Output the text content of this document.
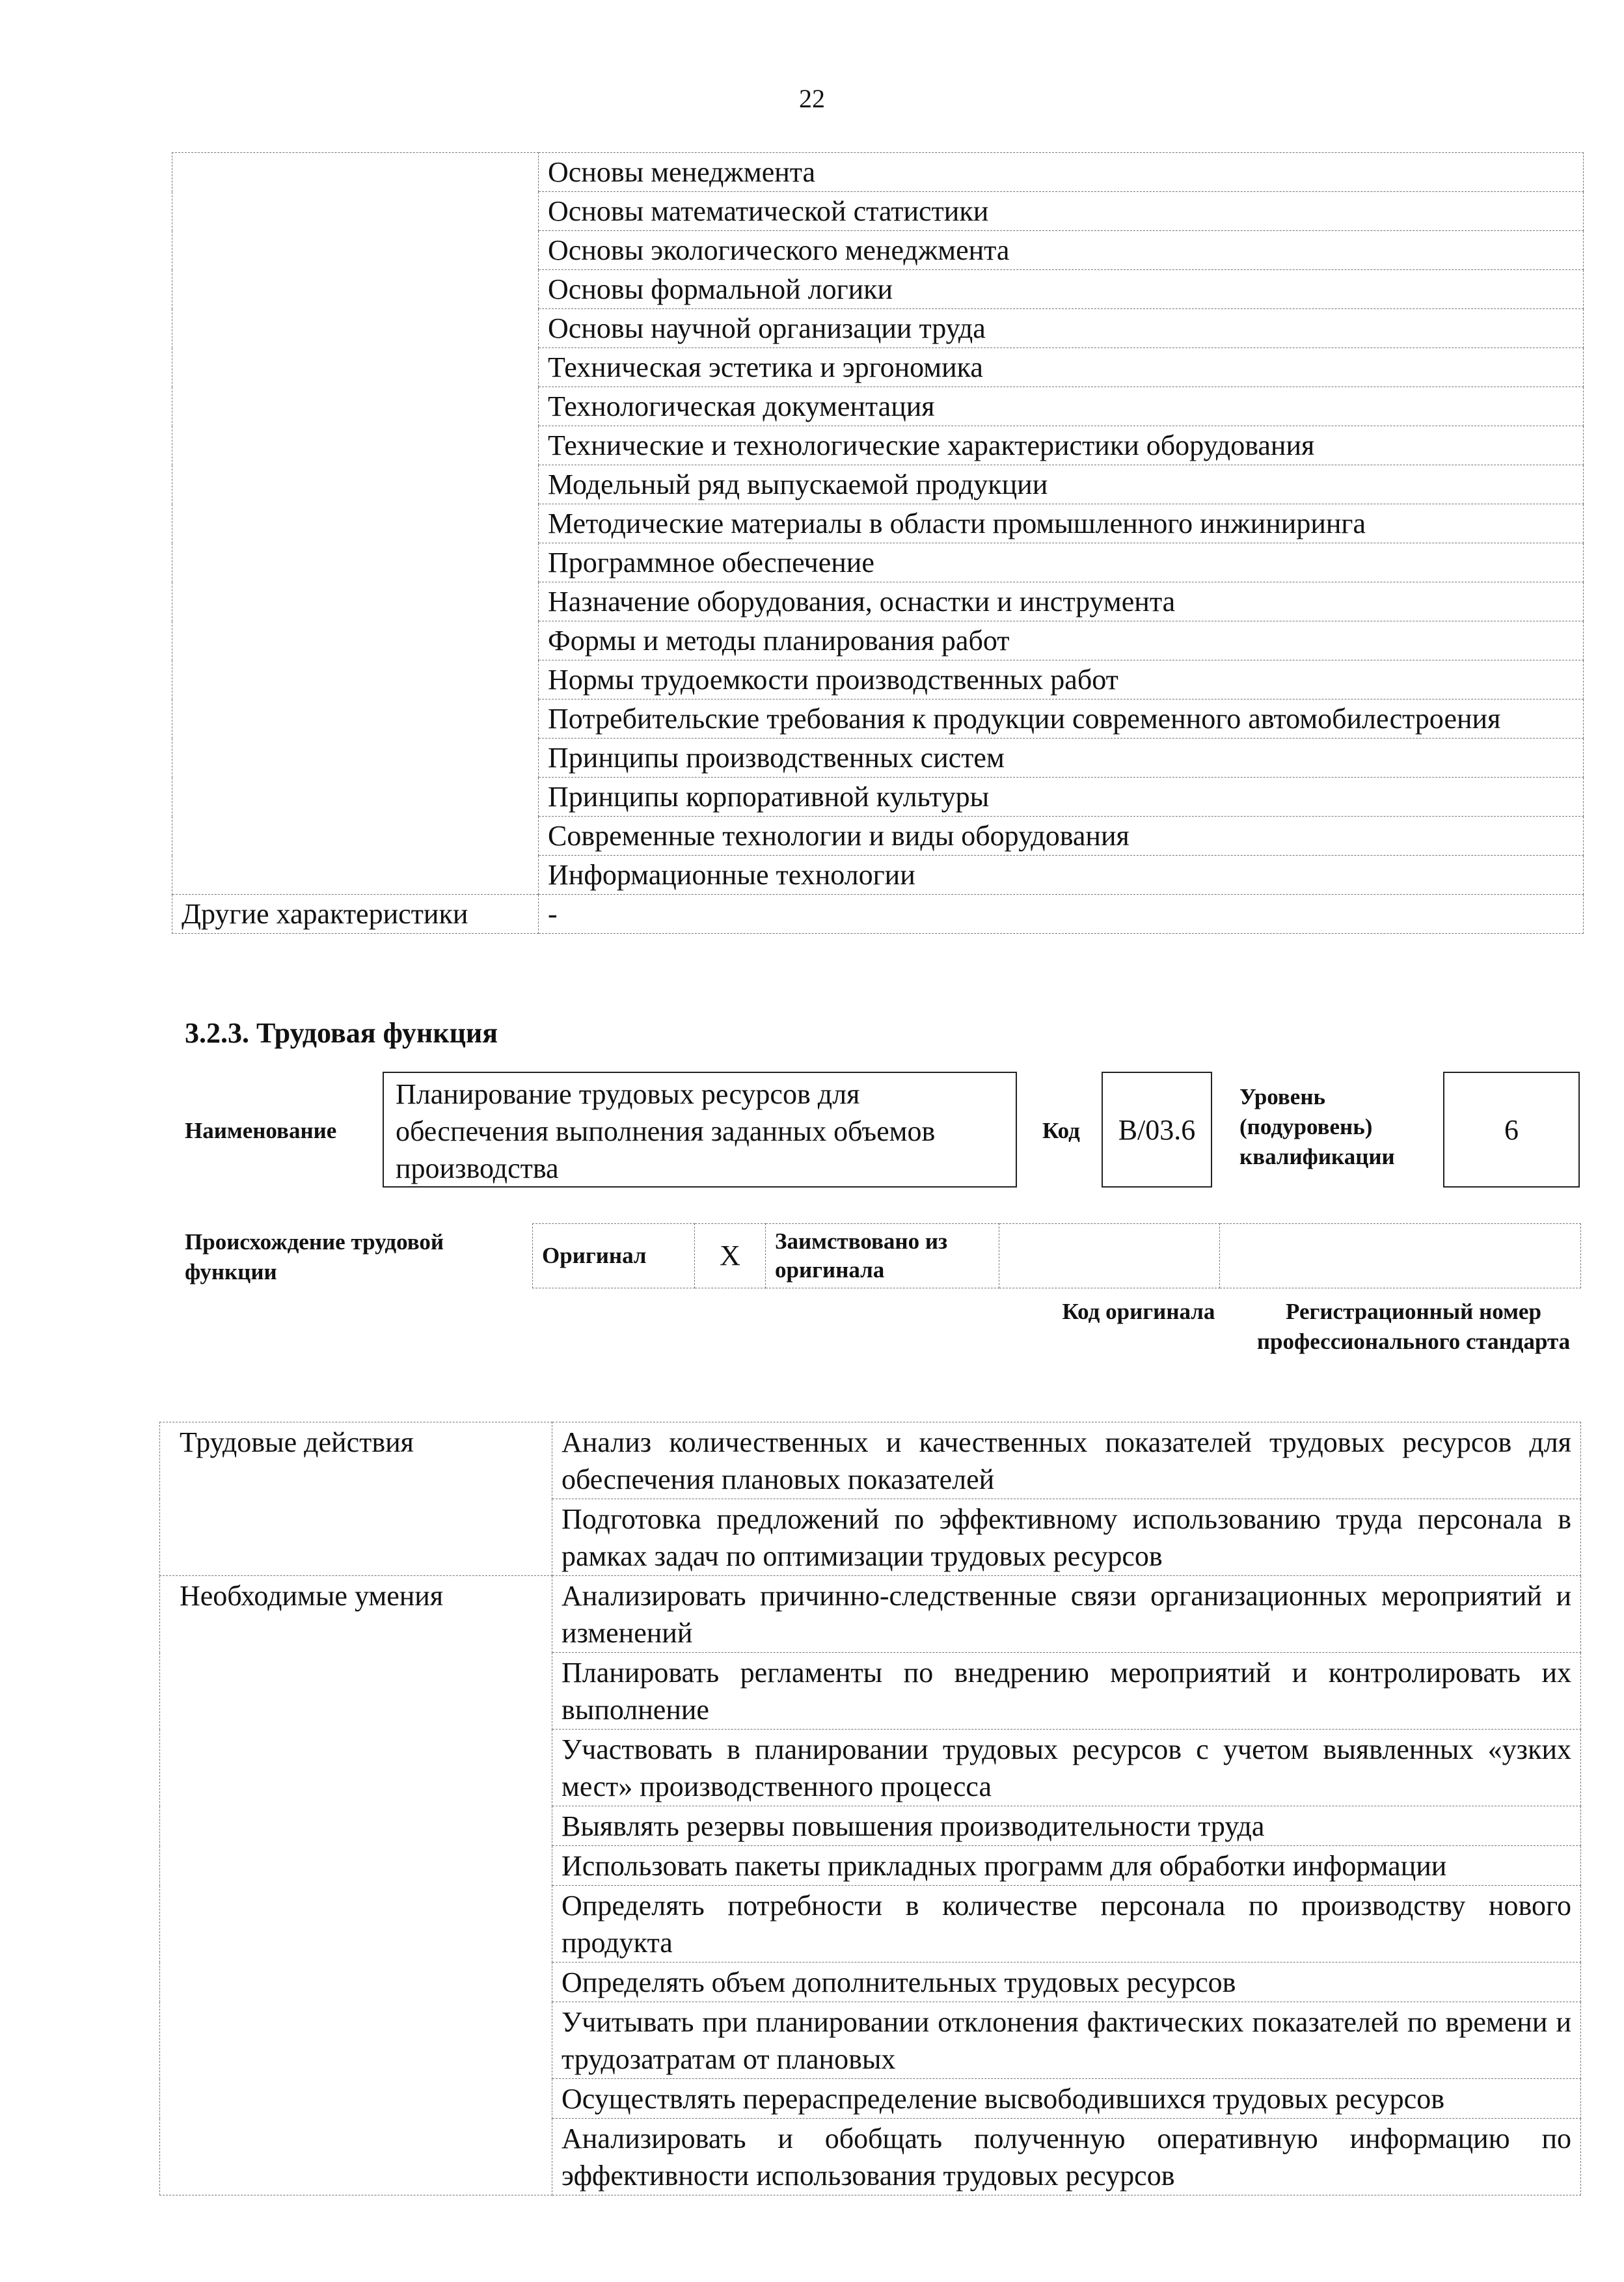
22
	Основы менеджмента
	Основы математической статистики
	Основы экологического менеджмента
	Основы формальной логики
	Основы научной организации труда
	Техническая эстетика и эргономика
	Технологическая документация
	Технические и технологические характеристики оборудования
	Модельный ряд выпускаемой продукции
	Методические материалы в области промышленного инжиниринга
	Программное обеспечение
	Назначение оборудования, оснастки и инструмента
	Формы и методы планирования работ
	Нормы трудоемкости производственных работ
	Потребительские требования к продукции современного автомобилестроения
	Принципы производственных систем
	Принципы корпоративной культуры
	Современные технологии и виды оборудования
	Информационные технологии
Другие характеристики	-
3.2.3. Трудовая функция
Наименование
Планирование трудовых ресурсов для обеспечения выполнения заданных объемов производства
Код	B/03.6
Уровень (подуровень) квалификации
6
Происхождение трудовой функции
Оригинал	X	Заимствовано из оригинала		
Код оригинала	Регистрационный номер профессионального стандарта
Трудовые действия	Анализ количественных и качественных показателей трудовых ресурсов для обеспечения плановых показателей
	Подготовка предложений по эффективному использованию труда персонала в рамках задач по оптимизации трудовых ресурсов
Необходимые умения	Анализировать причинно-следственные связи организационных мероприятий и изменений
	Планировать регламенты по внедрению мероприятий и контролировать их выполнение
	Участвовать в планировании трудовых ресурсов с учетом выявленных «узких мест» производственного процесса
	Выявлять резервы повышения производительности труда
	Использовать пакеты прикладных программ для обработки информации
	Определять потребности в количестве персонала по производству нового продукта
	Определять объем дополнительных трудовых ресурсов
	Учитывать при планировании отклонения фактических показателей по времени и трудозатратам от плановых
	Осуществлять перераспределение высвободившихся трудовых ресурсов
	Анализировать и обобщать полученную оперативную информацию по эффективности использования трудовых ресурсов
